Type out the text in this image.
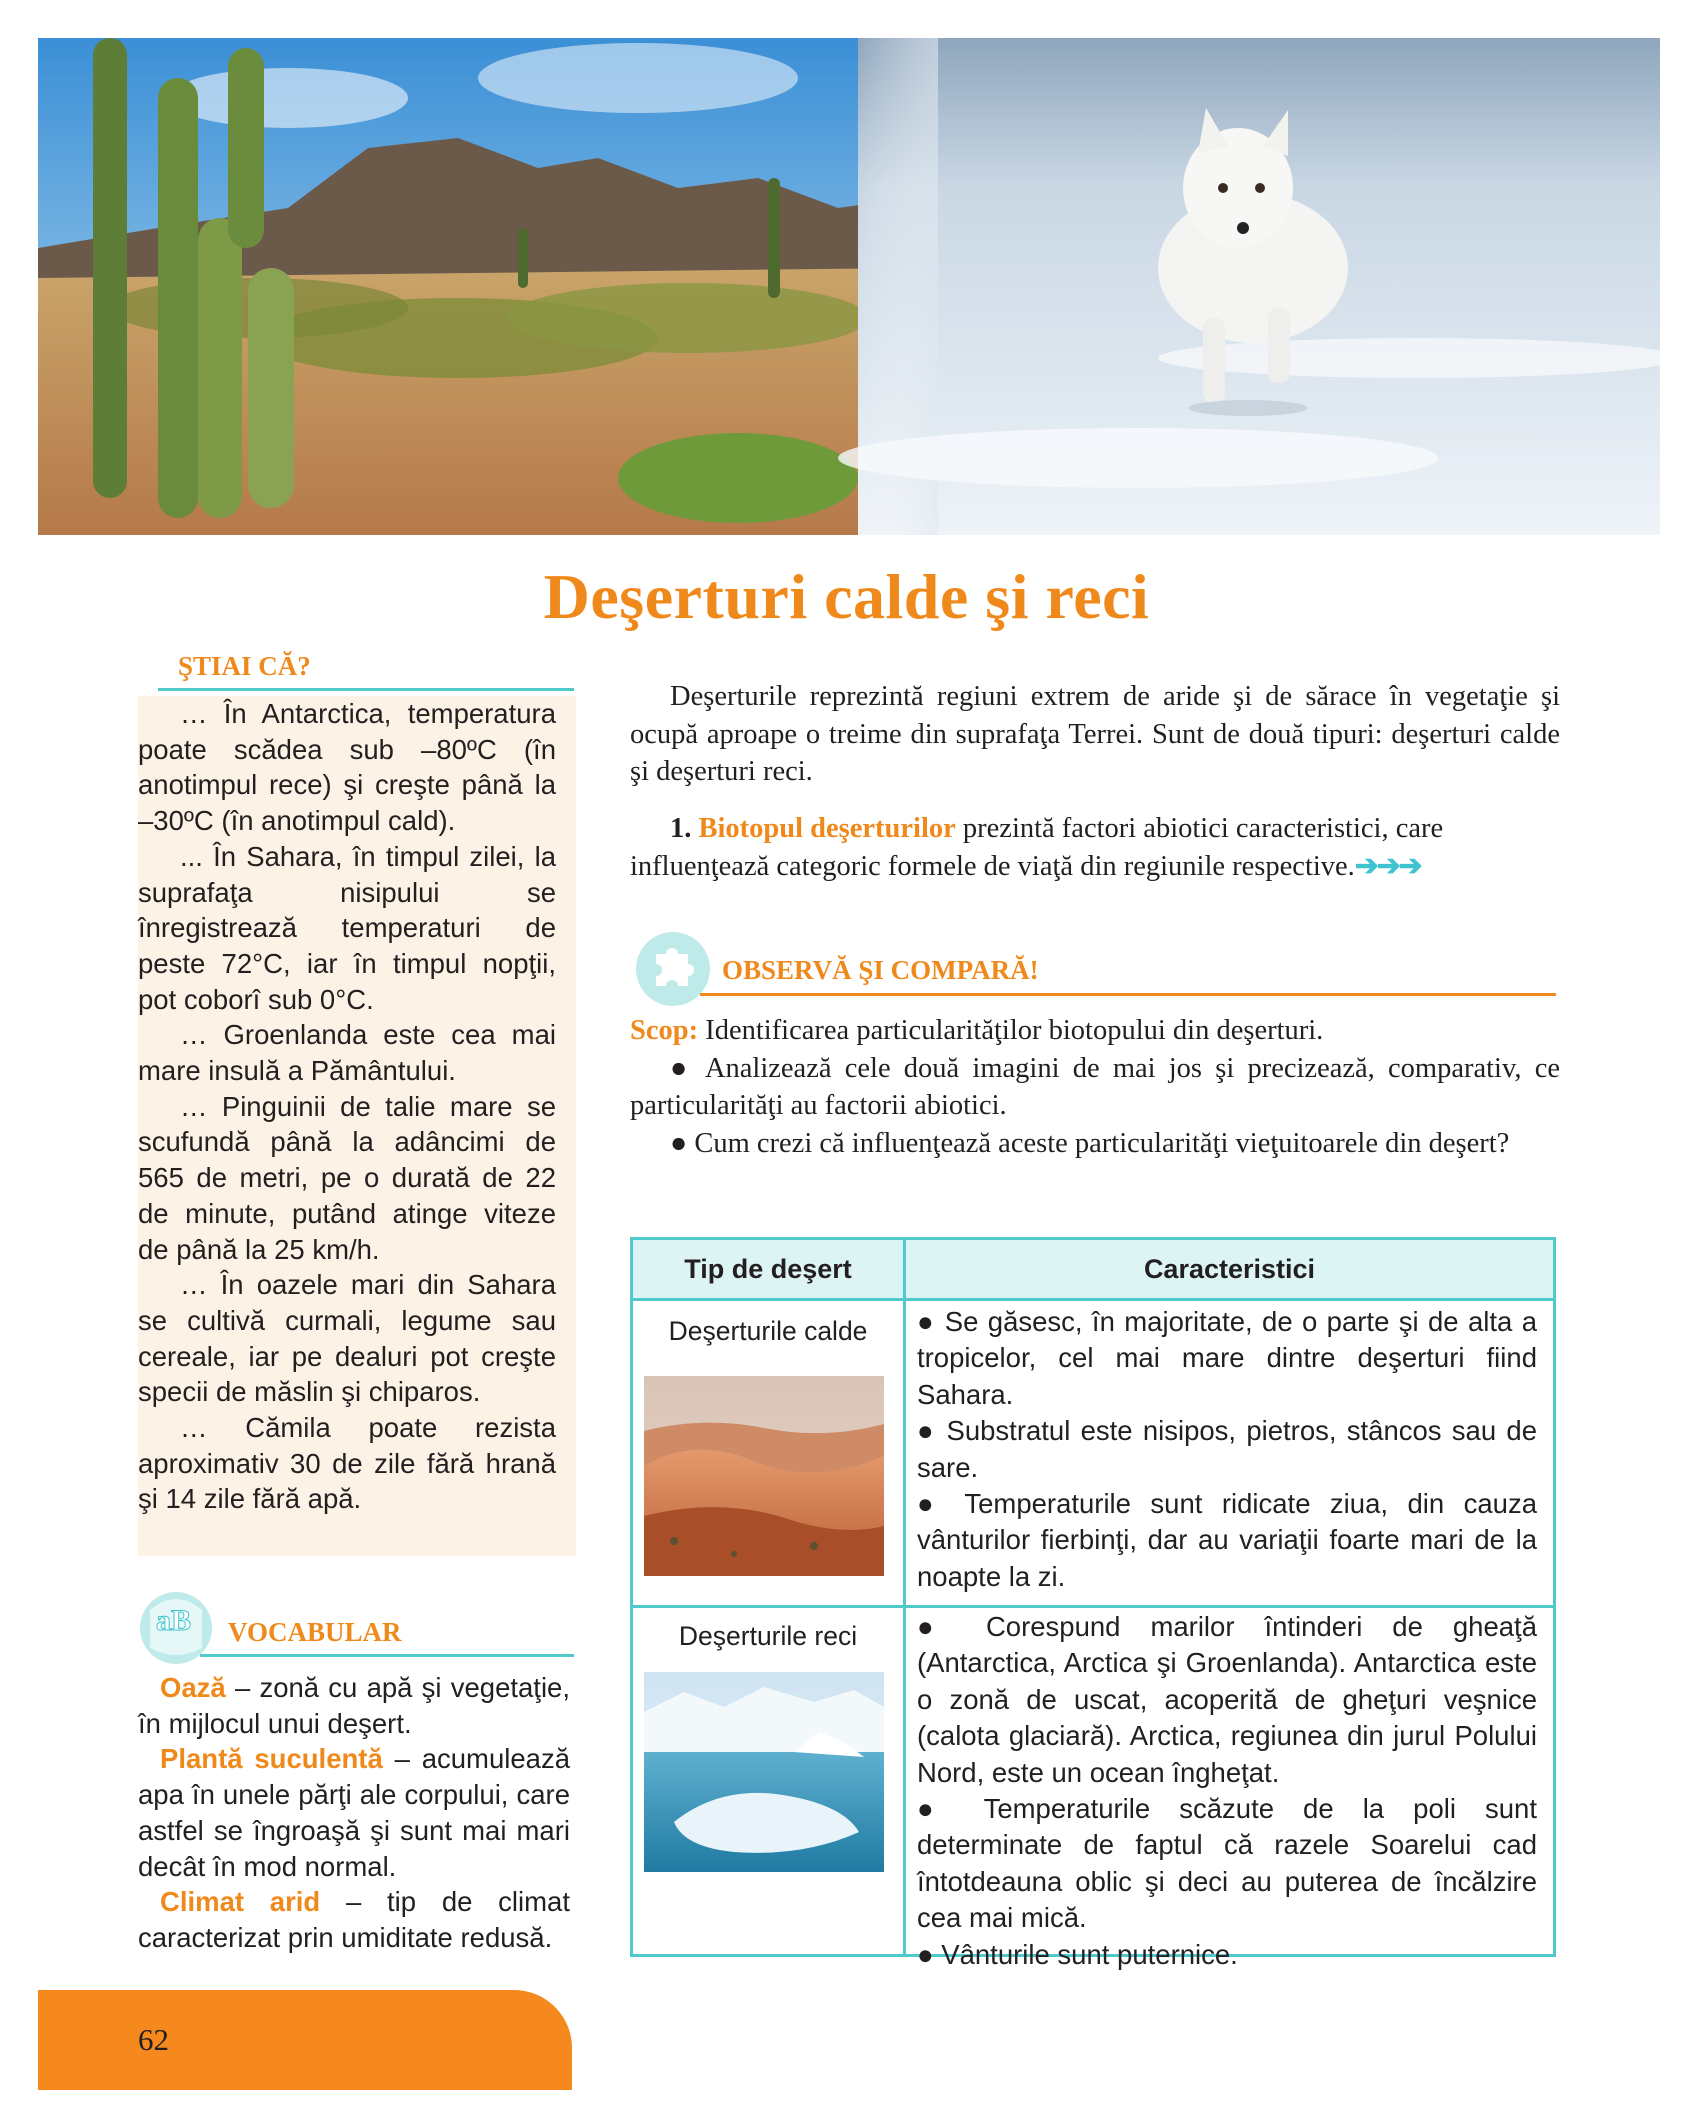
Deşerturi calde şi reci
ŞTIAI CĂ?

… În Antarctica, temperatura poate scădea sub –80ºC (în anotimpul rece) şi creşte până la –30ºC (în anotimpul cald).

... În Sahara, în timpul zilei, la suprafaţa nisipului se înregistrează temperaturi de peste 72°C, iar în timpul nopţii, pot coborî sub 0°C.

… Groenlanda este cea mai mare insulă a Pământului.

… Pinguinii de talie mare se scufundă până la adâncimi de 565 de metri, pe o durată de 22 de minute, putând atinge viteze de până la 25 km/h.

… În oazele mari din Sahara se cultivă curmali, legume sau cereale, iar pe dealuri pot creşte specii de măslin şi chiparos.

… Cămila poate rezista aproximativ 30 de zile fără hrană şi 14 zile fără apă.

aB VOCABULAR

Oază – zonă cu apă şi vegetaţie, în mijlocul unui deşert.

Plantă suculentă – acumulează apa în unele părţi ale corpului, care astfel se îngroaşă şi sunt mai mari decât în mod normal.

Climat arid – tip de climat caracterizat prin umiditate redusă.

Deşerturile reprezintă regiuni extrem de aride şi de sărace în vegetaţie şi ocupă aproape o treime din suprafaţa Terrei. Sunt de două tipuri: deşerturi calde şi deşerturi reci.

1. Biotopul deşerturilor prezintă factori abiotici caracteristici, care influenţează categoric formele de viaţă din regiunile respective.➔➔➔

OBSERVĂ ŞI COMPARĂ!

Scop: Identificarea particularităţilor biotopului din deşerturi.

● Analizează cele două imagini de mai jos şi precizează, comparativ, ce particularităţi au factorii abiotici.

● Cum crezi că influenţează aceste particularităţi vieţuitoarele din deşert?

Tip de deşert	Caracteristici
Deşerturile calde	● Se găsesc, în majoritate, de o parte şi de alta a tropicelor, cel mai mare dintre deşerturi fiind Sahara.

● Substratul este nisipos, pietros, stâncos sau de sare.

● Temperaturile sunt ridicate ziua, din cauza vânturilor fierbinţi, dar au variaţii foarte mari de la noapte la zi.

Deşerturile reci	● Corespund marilor întinderi de gheaţă (Antarctica, Arctica şi Groenlanda). Antarctica este o zonă de uscat, acoperită de gheţuri veşnice (calota glaciară). Arctica, regiunea din jurul Polului Nord, este un ocean îngheţat.

● Temperaturile scăzute de la poli sunt determinate de faptul că razele Soarelui cad întotdeauna oblic şi deci au puterea de încălzire cea mai mică.

● Vânturile sunt puternice.

62
